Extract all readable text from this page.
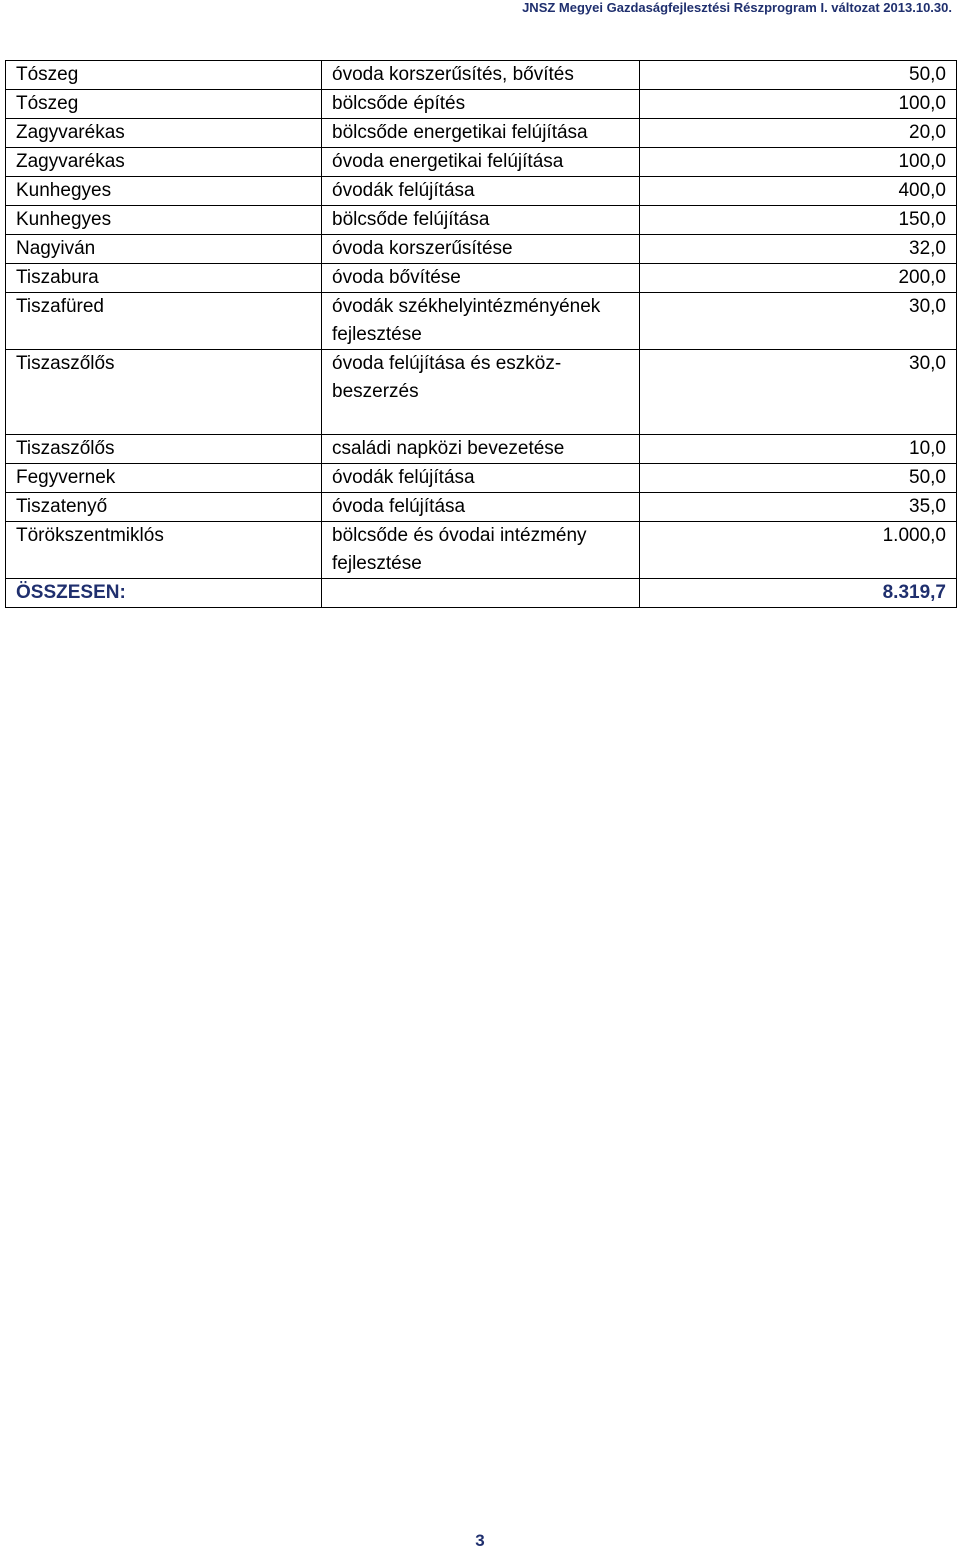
JNSZ Megyei Gazdaságfejlesztési Részprogram I. változat 2013.10.30.
Tószeg	óvoda korszerűsítés, bővítés	50,0
Tószeg	bölcsőde építés	100,0
Zagyvarékas	bölcsőde energetikai felújítása	20,0
Zagyvarékas	óvoda energetikai felújítása	100,0
Kunhegyes	óvodák felújítása	400,0
Kunhegyes	bölcsőde felújítása	150,0
Nagyiván	óvoda korszerűsítése	32,0
Tiszabura	óvoda bővítése	200,0
Tiszafüred	óvodák székhelyintézményének fejlesztése	30,0
Tiszaszőlős	óvoda felújítása és eszköz-beszerzés	30,0
Tiszaszőlős	családi napközi bevezetése	10,0
Fegyvernek	óvodák felújítása	50,0
Tiszatenyő	óvoda felújítása	35,0
Törökszentmiklós	bölcsőde és óvodai intézmény fejlesztése	1.000,0
ÖSSZESEN:		8.319,7
3
